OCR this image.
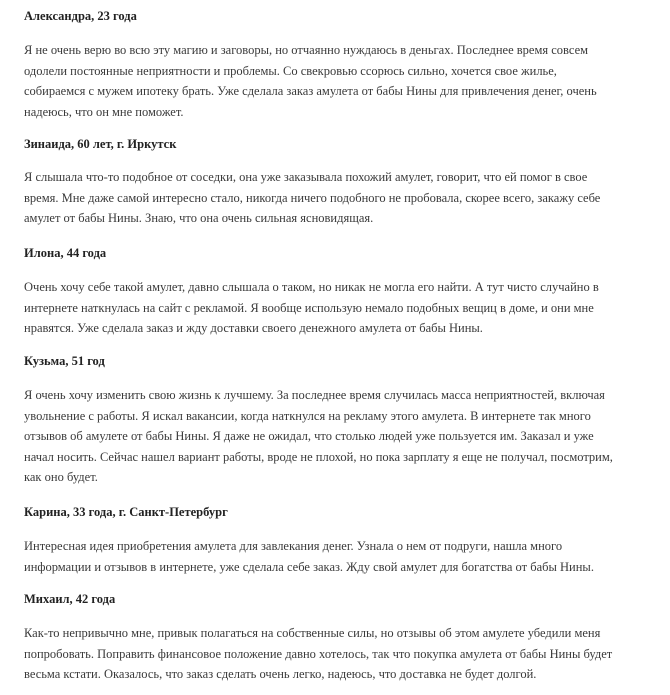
Александра, 23 года

Я не очень верю во всю эту магию и заговоры, но отчаянно нуждаюсь в деньгах. Последнее время совсем
одолели постоянные неприятности и проблемы. Со свекровью ссорюсь сильно, хочется свое жилье,
собираемся с мужем ипотеку брать. Уже сделала заказ амулета от бабы Нины для привлечения денег, очень
надеюсь, что он мне поможет.

Зинаида, 60 лет, г. Иркутск

Я слышала что-то подобное от соседки, она уже заказывала похожий амулет, говорит, что ей помог в свое
время. Мне даже самой интересно стало, никогда ничего подобного не пробовала, скорее всего, закажу себе
амулет от бабы Нины. Знаю, что она очень сильная ясновидящая.

Илона, 44 года

Очень хочу себе такой амулет, давно слышала о таком, но никак не могла его найти. А тут чисто случайно в
интернете наткнулась на сайт с рекламой. Я вообще использую немало подобных вещиц в доме, и они мне
нравятся. Уже сделала заказ и жду доставки своего денежного амулета от бабы Нины.

Кузьма, 51 год

Я очень хочу изменить свою жизнь к лучшему. За последнее время случилась масса неприятностей, включая
увольнение с работы. Я искал вакансии, когда наткнулся на рекламу этого амулета. В интернете так много
отзывов об амулете от бабы Нины. Я даже не ожидал, что столько людей уже пользуется им. Заказал и уже
начал носить. Сейчас нашел вариант работы, вроде не плохой, но пока зарплату я еще не получал, посмотрим,
как оно будет.

Карина, 33 года, г. Санкт-Петербург

Интересная идея приобретения амулета для завлекания денег. Узнала о нем от подруги, нашла много
информации и отзывов в интернете, уже сделала себе заказ. Жду свой амулет для богатства от бабы Нины.

Михаил, 42 года

Как-то непривычно мне, привык полагаться на собственные силы, но отзывы об этом амулете убедили меня
попробовать. Поправить финансовое положение давно хотелось, так что покупка амулета от бабы Нины будет
весьма кстати. Оказалось, что заказ сделать очень легко, надеюсь, что доставка не будет долгой.
